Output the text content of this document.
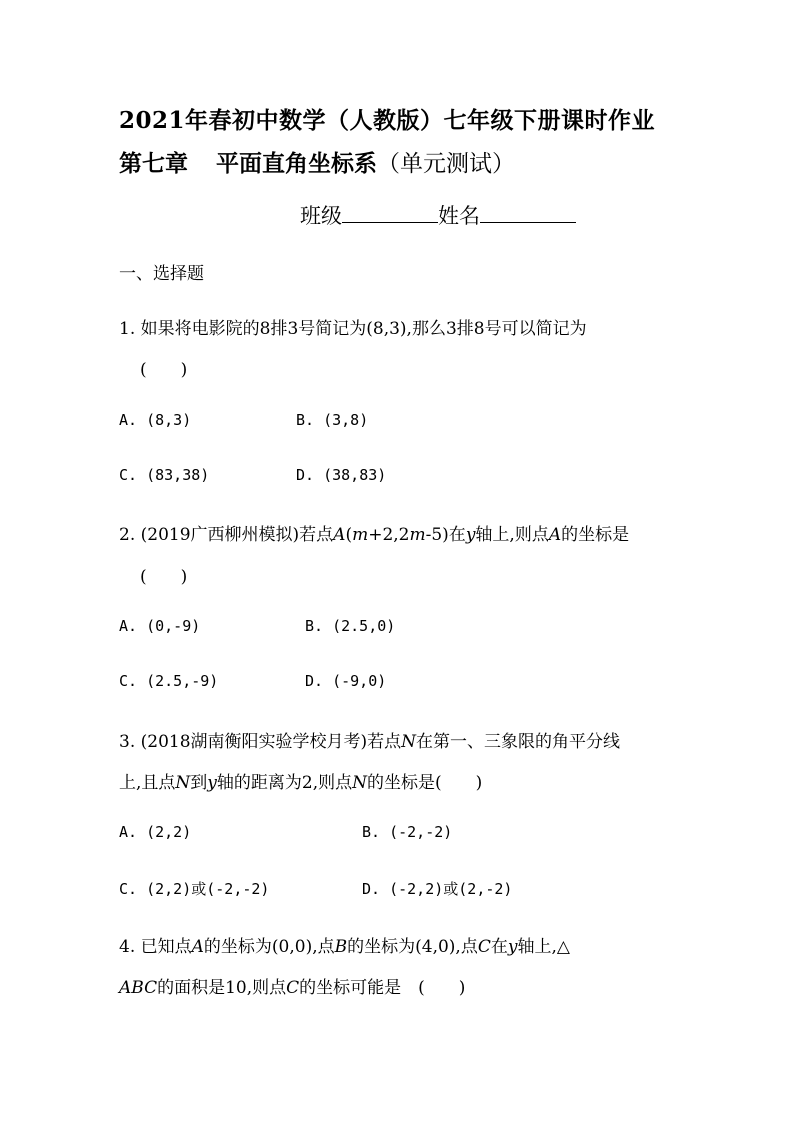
2021年春初中数学（人教版）七年级下册课时作业
第七章 平面直角坐标系（单元测试）
班级	姓名
一、选择题
1. 如果将电影院的8排3号简记为(8,3),那么3排8号可以简记为
(　　)
A. (8,3)	B. (3,8)
C. (83,38)	D. (38,83)
2. (2019广西柳州模拟)若点A(m+2,2m-5)在y轴上,则点A的坐标是
(　　)
A. (0,-9)	B. (2.5,0)
C. (2.5,-9)	D. (-9,0)
3. (2018湖南衡阳实验学校月考)若点N在第一、三象限的角平分线
上,且点N到y轴的距离为2,则点N的坐标是(　　)
A. (2,2)	B. (-2,-2)
C. (2,2)或(-2,-2)	D. (-2,2)或(2,-2)
4. 已知点A的坐标为(0,0),点B的坐标为(4,0),点C在y轴上,△
ABC的面积是10,则点C的坐标可能是　(　　)
